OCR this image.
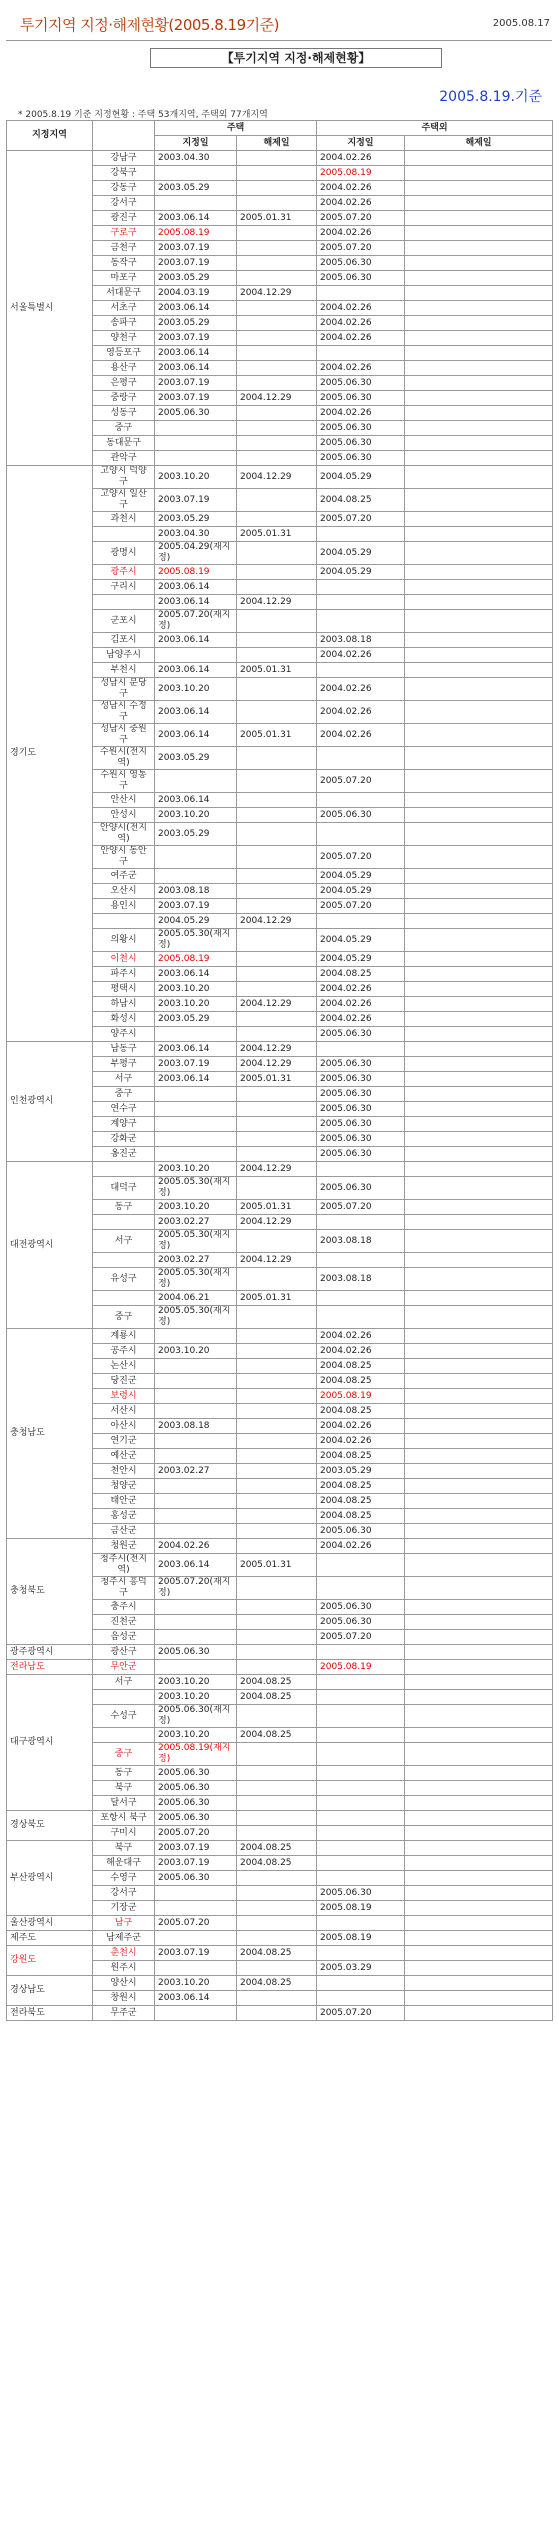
투기지역 지정·해제현황(2005.8.19기준)	2005.08.17
【투기지역 지정·해제현황】
2005.8.19.기준
* 2005.8.19 기준 지정현황 : 주택 53개지역, 주택외 77개지역
지정지역		주택		주택외	
		지정일	해제일	지정일	해제일
서울특별시	강남구	2003.04.30		2004.02.26	
	강북구			2005.08.19	
	강동구	2003.05.29		2004.02.26	
	강서구			2004.02.26	
	광진구	2003.06.14	2005.01.31	2005.07.20	
	구로구	2005.08.19		2004.02.26	
	금천구	2003.07.19		2005.07.20	
	동작구	2003.07.19		2005.06.30	
	마포구	2003.05.29		2005.06.30	
	서대문구	2004.03.19	2004.12.29		
	서초구	2003.06.14		2004.02.26	
	송파구	2003.05.29		2004.02.26	
	양천구	2003.07.19		2004.02.26	
	영등포구	2003.06.14			
	용산구	2003.06.14		2004.02.26	
	은평구	2003.07.19		2005.06.30	
	중랑구	2003.07.19	2004.12.29	2005.06.30	
	성동구	2005.06.30		2004.02.26	
	중구			2005.06.30	
	동대문구			2005.06.30	
	관악구			2005.06.30	
경기도	고양시 덕양구	2003.10.20	2004.12.29	2004.05.29	
	고양시 일산구	2003.07.19		2004.08.25	
	과천시	2003.05.29		2005.07.20	
		2003.04.30	2005.01.31		
	광명시	2005.04.29(재지정)		2004.05.29	
	광주시	2005.08.19		2004.05.29	
	구리시	2003.06.14			
		2003.06.14	2004.12.29		
	군포시	2005.07.20(재지정)			
	김포시	2003.06.14		2003.08.18	
	남양주시			2004.02.26	
	부천시	2003.06.14	2005.01.31		
	성남시 분당구	2003.10.20		2004.02.26	
	성남시 수정구	2003.06.14		2004.02.26	
	성남시 중원구	2003.06.14	2005.01.31	2004.02.26	
	수원시(전지역)	2003.05.29			
	수원시 영통구			2005.07.20	
	안산시	2003.06.14			
	안성시	2003.10.20		2005.06.30	
	안양시(전지역)	2003.05.29			
	안양시 동안구			2005.07.20	
	여주군			2004.05.29	
	오산시	2003.08.18		2004.05.29	
	용인시	2003.07.19		2005.07.20	
		2004.05.29	2004.12.29		
	의왕시	2005.05.30(재지정)		2004.05.29	
	이천시	2005.08.19		2004.05.29	
	파주시	2003.06.14		2004.08.25	
	평택시	2003.10.20		2004.02.26	
	하남시	2003.10.20	2004.12.29	2004.02.26	
	화성시	2003.05.29		2004.02.26	
	양주시			2005.06.30	
인천광역시	남동구	2003.06.14	2004.12.29		
	부평구	2003.07.19	2004.12.29	2005.06.30	
	서구	2003.06.14	2005.01.31	2005.06.30	
	중구			2005.06.30	
	연수구			2005.06.30	
	계양구			2005.06.30	
	강화군			2005.06.30	
	옹진군			2005.06.30	
대전광역시		2003.10.20	2004.12.29		
	대덕구	2005.05.30(재지정)		2005.06.30	
	동구	2003.10.20	2005.01.31	2005.07.20	
		2003.02.27	2004.12.29		
	서구	2005.05.30(재지정)		2003.08.18	
		2003.02.27	2004.12.29		
	유성구	2005.05.30(재지정)		2003.08.18	
		2004.06.21	2005.01.31		
	중구	2005.05.30(재지정)			
충청남도	계룡시			2004.02.26	
	공주시	2003.10.20		2004.02.26	
	논산시			2004.08.25	
	당진군			2004.08.25	
	보령시			2005.08.19	
	서산시			2004.08.25	
	아산시	2003.08.18		2004.02.26	
	연기군			2004.02.26	
	예산군			2004.08.25	
	천안시	2003.02.27		2003.05.29	
	청양군			2004.08.25	
	태안군			2004.08.25	
	홍성군			2004.08.25	
	금산군			2005.06.30	
충청북도	청원군	2004.02.26		2004.02.26	
	청주시(전지역)	2003.06.14	2005.01.31		
	청주시 흥덕구	2005.07.20(재지정)			
	충주시			2005.06.30	
	진천군			2005.06.30	
	음성군			2005.07.20	
광주광역시	광산구	2005.06.30			
전라남도	무안군			2005.08.19	
대구광역시	서구	2003.10.20	2004.08.25		
		2003.10.20	2004.08.25		
	수성구	2005.06.30(재지정)			
		2003.10.20	2004.08.25		
	중구	2005.08.19(재지정)			
	동구	2005.06.30			
	북구	2005.06.30			
	달서구	2005.06.30			
경상북도	포항시 북구	2005.06.30			
	구미시	2005.07.20			
부산광역시	북구	2003.07.19	2004.08.25		
	해운대구	2003.07.19	2004.08.25		
	수영구	2005.06.30			
	강서구			2005.06.30	
	기장군			2005.08.19	
울산광역시	남구	2005.07.20			
제주도	남제주군			2005.08.19	
강원도	춘천시	2003.07.19	2004.08.25		
	원주시			2005.03.29	
경상남도	양산시	2003.10.20	2004.08.25		
	창원시	2003.06.14			
전라북도	무주군			2005.07.20	
